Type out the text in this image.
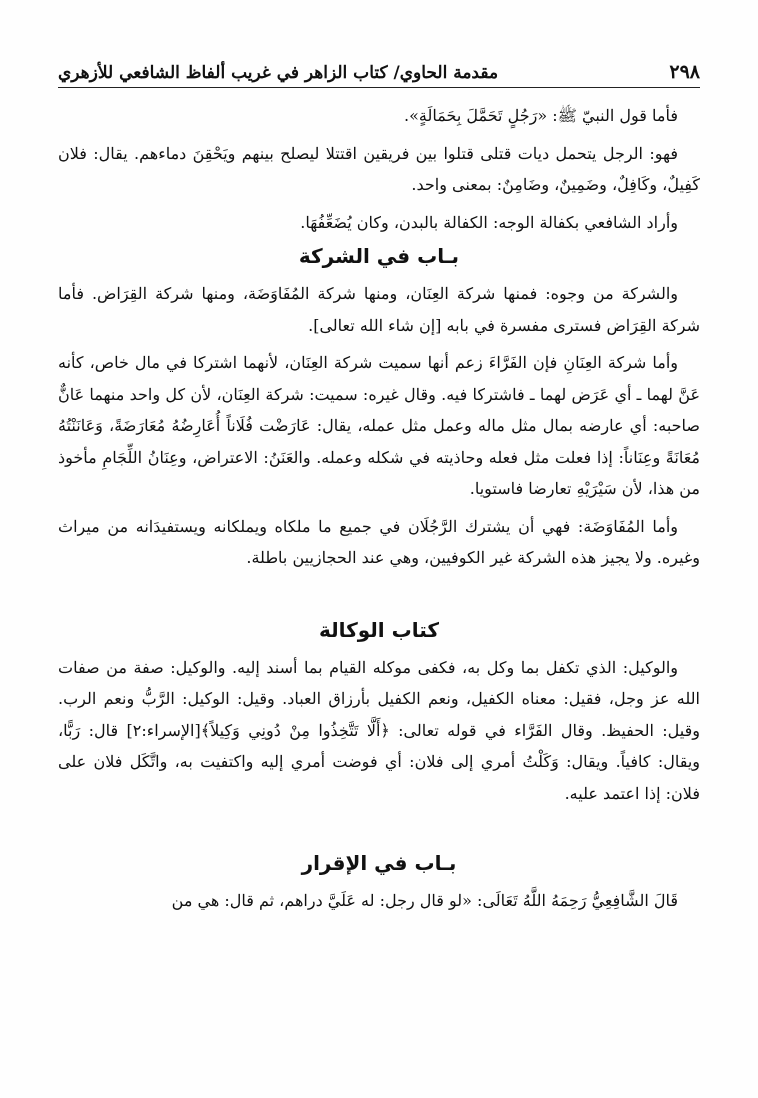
٢٩٨
مقدمة الحاوي/ كتاب الزاهر في غريب ألفاظ الشافعي للأزهري

فأما قول النبيّ ﷺ: «رَجُلٍ تَحَمَّلَ بِحَمَالَةٍ».

فهو: الرجل يتحمل ديات قتلى قتلوا بين فريقين اقتتلا ليصلح بينهم ويَحْقِنَ دماءهم. يقال: فلان كَفِيلٌ، وكَافِلٌ، وضَمِينٌ، وضَامِنٌ: بمعنى واحد.

وأراد الشافعي بكفالة الوجه: الكفالة بالبدن، وكان يُضَعِّفُهَا.

بـاب في الشركة

والشركة من وجوه: فمنها شركة العِنَان، ومنها شركة المُفَاوَضَة، ومنها شركة القِرَاض. فأما شركة القِرَاض فسترى مفسرة في بابه [إن شاء الله تعالى].

وأما شركة العِنَانِ فإن الفَرَّاءَ زعم أنها سميت شركة العِنَان، لأنهما اشتركا في مال خاص، كأنه عَنَّ لهما ـ أي عَرَض لهما ـ فاشتركا فيه. وقال غيره: سميت: شركة العِنَان، لأن كل واحد منهما عَانٌّ صاحبه: أي عارضه بمال مثل ماله وعمل مثل عمله، يقال: عَارَضْت فُلَاناً أُعَارِضُهُ مُعَارَضَةً، وَعَانَنْتُهُ مُعَانَةً وعِنَاناً: إذا فعلت مثل فعله وحاذيته في شكله وعمله. والعَنَنُ: الاعتراض، وعِنَانُ اللِّجَامِ مأخوذ من هذا، لأن سَيْرَيْهِ تعارضا فاستويا.

وأما المُفَاوَضَة: فهي أن يشترك الرَّجُلَان في جميع ما ملكاه ويملكانه ويستفيدَانه من ميراث وغيره. ولا يجيز هذه الشركة غير الكوفيين، وهي عند الحجازيين باطلة.

كتاب الوكالة

والوكيل: الذي تكفل بما وكل به، فكفى موكله القيام بما أسند إليه. والوكيل: صفة من صفات الله عز وجل، فقيل: معناه الكفيل، ونعم الكفيل بأرزاق العباد. وقيل: الوكيل: الرَّبُّ ونعم الرب. وقيل: الحفيظ. وقال الفَرَّاء في قوله تعالى: ﴿أَلَّا تَتَّخِذُوا مِنْ دُونِي وَكِيلاً﴾[الإسراء:٢] قال: رَبًّا، ويقال: كافياً. ويقال: وَكَلْتُ أمري إلى فلان: أي فوضت أمري إليه واكتفيت به، واتَّكَل فلان على فلان: إذا اعتمد عليه.

بـاب في الإقرار

قَالَ الشَّافِعِيُّ رَحِمَهُ اللَّهُ تَعَالَى: «لو قال رجل: له عَلَيَّ دراهم، ثم قال: هي من
